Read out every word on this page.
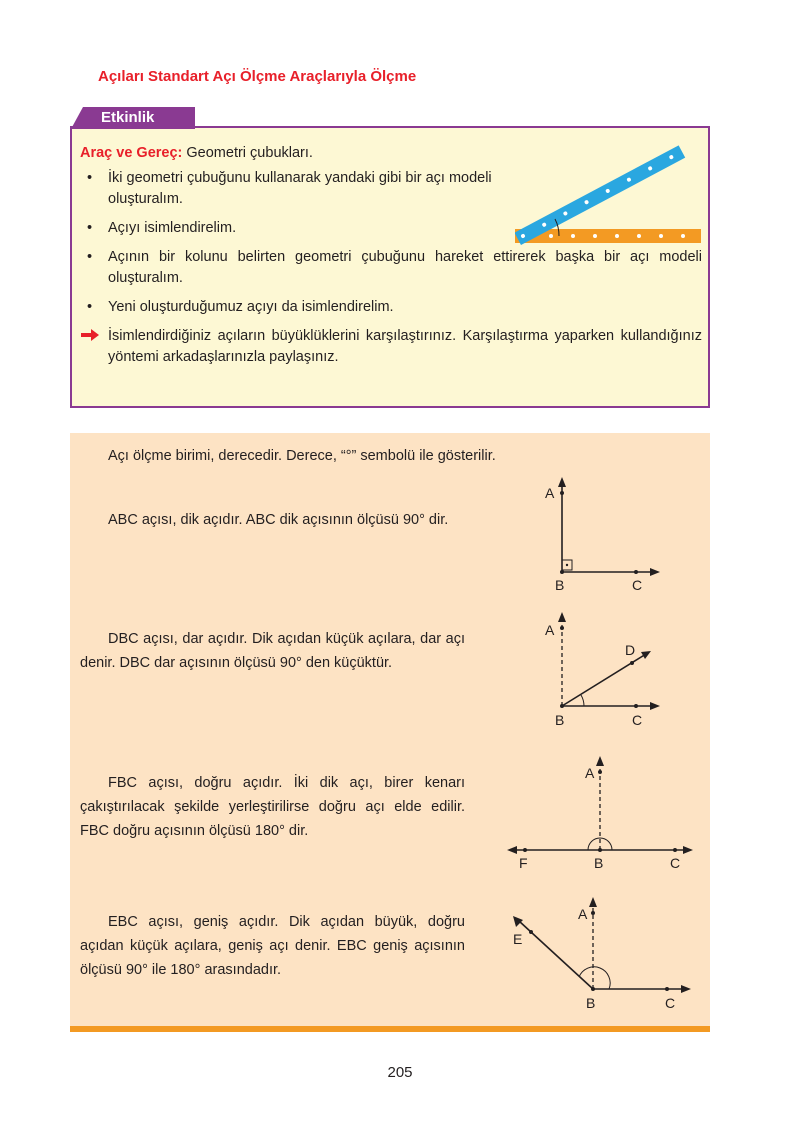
Açıları Standart Açı Ölçme Araçlarıyla Ölçme
Etkinlik
Araç ve Gereç: Geometri çubukları.
• İki geometri çubuğunu kullanarak yandaki gibi bir açı modeli oluşturalım.
• Açıyı isimlendirelim.
• Açının bir kolunu belirten geometri çubuğunu hareket ettirerek başka bir açı modeli oluşturalım.
• Yeni oluşturduğumuz açıyı da isimlendirelim.
İsimlendirdiğiniz açıların büyüklüklerini karşılaştırınız. Karşılaştırma yaparken kullandığınız yöntemi arkadaşlarınızla paylaşınız.
Açı ölçme birimi, derecedir. Derece, “°” sembolü ile gösterilir.
ABC açısı, dik açıdır. ABC dik açısının ölçüsü 90° dir.
DBC açısı, dar açıdır. Dik açıdan küçük açılara, dar açı denir. DBC dar açısının ölçüsü 90° den küçüktür.
FBC açısı, doğru açıdır. İki dik açı, birer kenarı çakıştırılacak şekilde yerleştirilirse doğru açı elde edilir. FBC doğru açısının ölçüsü 180° dir.
EBC açısı, geniş açıdır. Dik açıdan büyük, doğru açıdan küçük açılara, geniş açı denir. EBC geniş açısının ölçüsü 90° ile 180° arasındadır.
A
B	C
A
D
B	C
A
F	B	C
A
E
B	C
205
